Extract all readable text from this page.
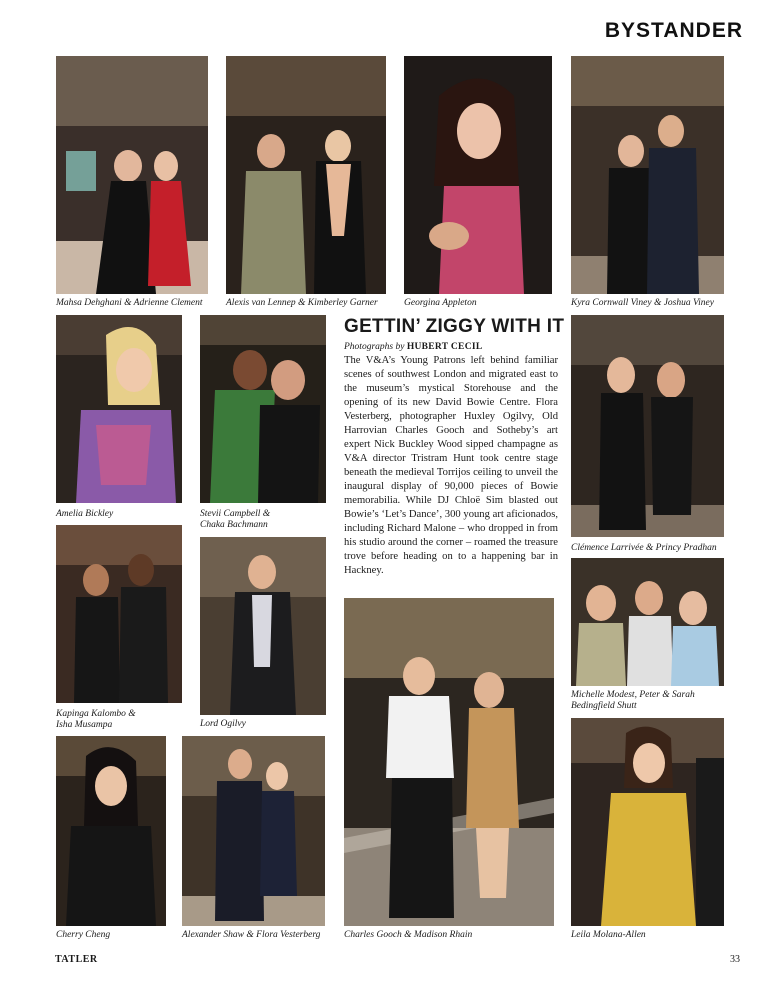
BYSTANDER
Mahsa Dehghani & Adrienne Clement Alexis van Lennep & Kimberley Garner	Georgina Appleton	Kyra Cornwall Viney & Joshua Viney
Amelia Bickley	Stevii Campbell &
Chaka Bachmann
GETTIN’ ZIGGY WITH IT
Photographs by HUBERT CECIL

The V&A’s Young Patrons left behind familiar scenes of southwest London and migrated east to the museum’s mystical Storehouse and the opening of its new David Bowie Centre. Flora Vesterberg, photographer Huxley Ogilvy, Old Harrovian Charles Gooch and Sotheby’s art expert Nick Buckley Wood sipped champagne as V&A director Tristram Hunt took centre stage beneath the medieval Torrijos ceiling to unveil the inaugural display of 90,000 pieces of Bowie memorabilia. While DJ Chloë Sim blasted out Bowie’s ‘Let’s Dance’, 300 young art aficionados, including Richard Malone – who dropped in from his studio around the corner – roamed the treasure trove before heading on to a happening bar in Hackney.

Clémence Larrivée & Princy Pradhan
Michelle Modest, Peter & Sarah
Bedingfield Shutt
Kapinga Kalombo &
Isha Musampa	Lord Ogilvy
Cherry Cheng	Alexander Shaw & Flora Vesterberg Charles Gooch & Madison Rhain	Leila Molana-Allen
TATLER	33
